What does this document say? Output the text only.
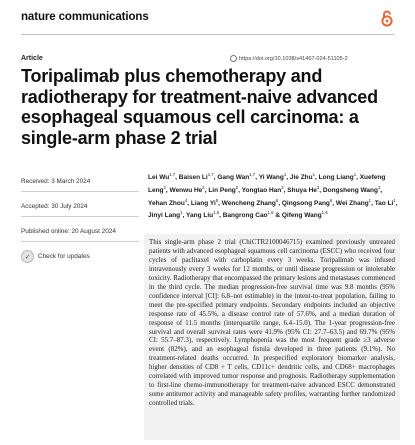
nature communications
Article	https://doi.org/10.1038/s41467-024-51105-2
Toripalimab plus chemotherapy and radiotherapy for treatment-naive advanced esophageal squamous cell carcinoma: a single-arm phase 2 trial
Received: 3 March 2024
Accepted: 30 July 2024
Published online: 20 August 2024
✓	Check for updates

Lei Wu$^{1,7}$, Baisen Li$^{1,7}$, Gang Wan$^{1,7}$, Yi Wang$^1$, Jie Zhu$^1$, Long Liang$^1$, Xuefeng Leng$^2$, Wenwu He$^2$, Lin Peng$^2$, Yongtao Han$^2$, Shuya He$^3$, Dongsheng Wang$^3$, Yehan Zhou$^4$, Liang Yi$^5$, Wencheng Zhang$^6$, Qingsong Pang$^6$, Wei Zhang$^1$, Tao Li$^1$, Jinyi Lang$^1$, Yang Liu$^{1,6}$, Bangrong Cao$^{1,6}$ & Qifeng Wang$^{1,6}$

This single-arm phase 2 trial (ChiCTR2100046715) examined previously untreated patients with advanced esophageal squamous cell carcinoma (ESCC) who received four cycles of paclitaxel with carboplatin every 3 weeks. Toripalimab was infused intravenously every 3 weeks for 12 months, or until disease progression or intolerable toxicity. Radiotherapy that encompassed the primary lesions and metastases commenced in the third cycle. The median progression-free survival time was 9.8 months (95% confidence interval [CI]: 6.8–not estimable) in the intent-to-treat population, failing to meet the pre-specified primary endpoints. Secondary endpoints included an objective response rate of 45.5%, a disease control rate of 57.6%, and a median duration of response of 11.5 months (interquartile range, 6.4–15.0). The 1-year progression-free survival and overall survival rates were 41.9% (95% CI: 27.7–63.5) and 69.7% (95% CI: 55.7–87.3), respectively. Lymphopenia was the most frequent grade ≥3 adverse event (82%), and an esophageal fistula developed in three patients (9.1%). No treatment-related deaths occurred. In prespecified exploratory biomarker analysis, higher densities of CD8 + T cells, CD11c+ dendritic cells, and CD68+ macrophages correlated with improved tumor response and prognosis. Radiotherapy supplementation to first-line chemo-immunotherapy for treatment-naive advanced ESCC demonstrated some antitumor activity and manageable safety profiles, warranting further randomized controlled trials.
